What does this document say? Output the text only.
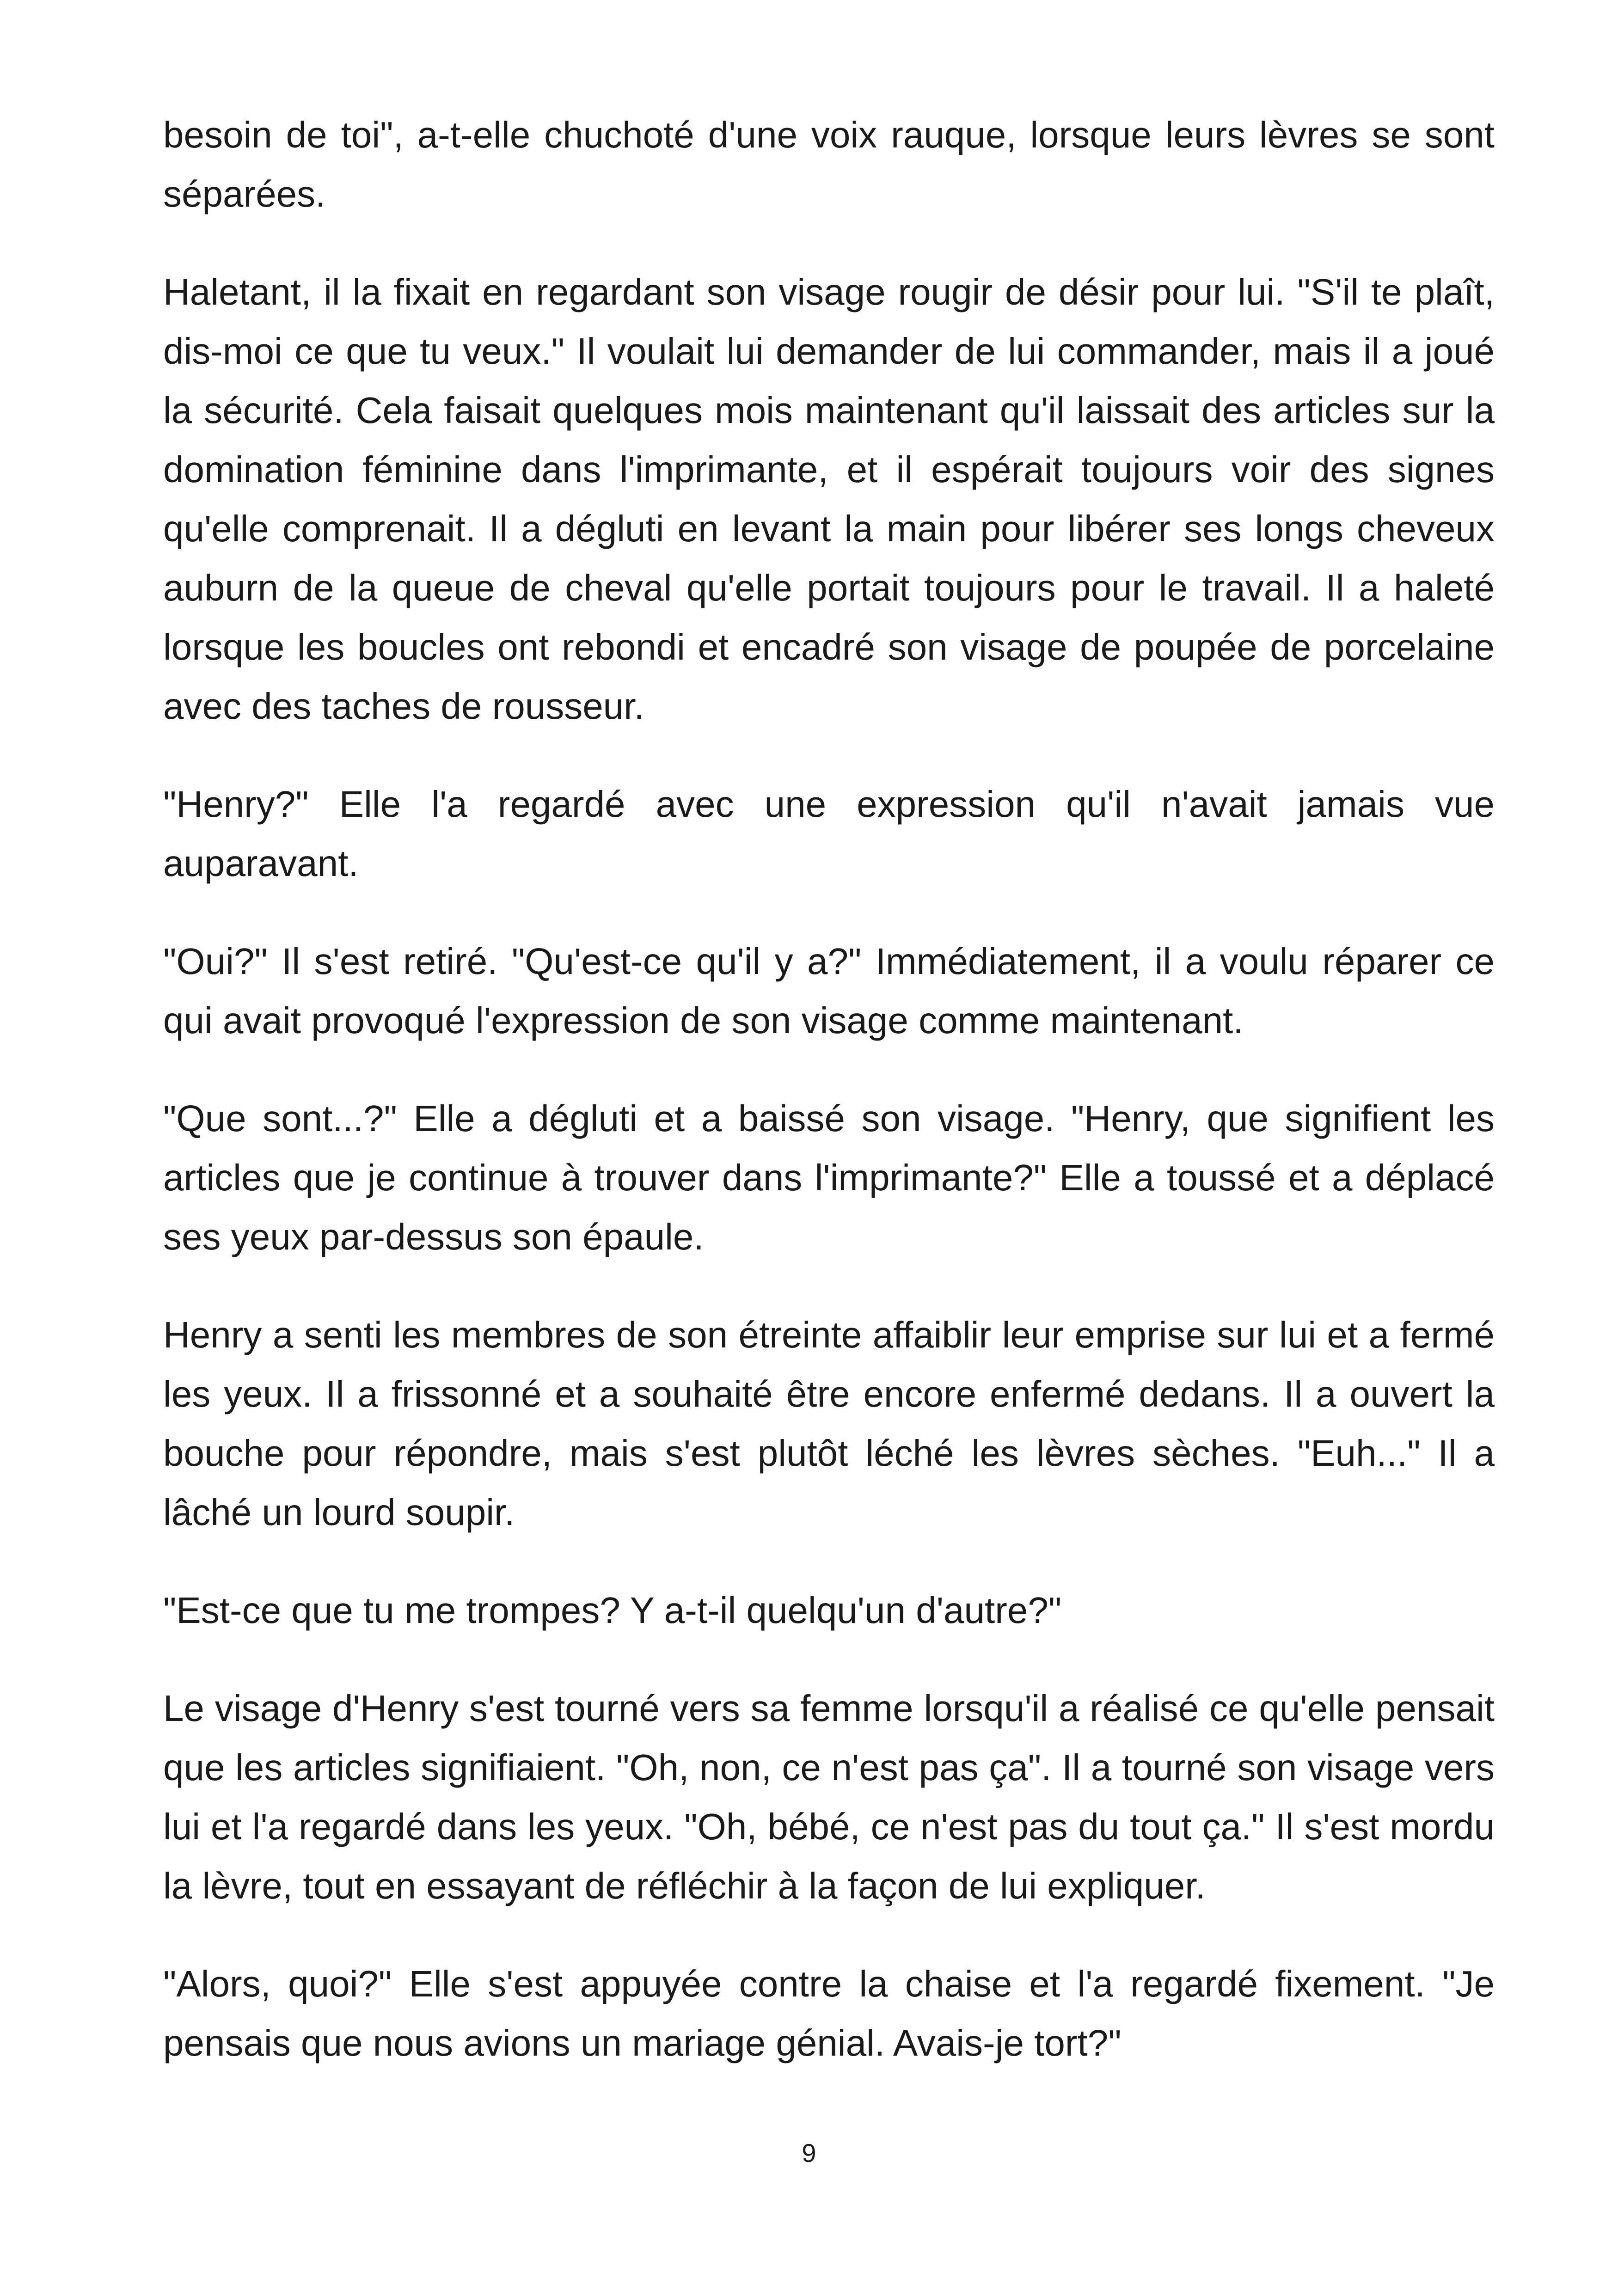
besoin de toi", a-t-elle chuchoté d'une voix rauque, lorsque leurs lèvres se sont séparées.

Haletant, il la fixait en regardant son visage rougir de désir pour lui. "S'il te plaît, dis-moi ce que tu veux." Il voulait lui demander de lui commander, mais il a joué la sécurité. Cela faisait quelques mois maintenant qu'il laissait des articles sur la domination féminine dans l'imprimante, et il espérait toujours voir des signes qu'elle comprenait. Il a dégluti en levant la main pour libérer ses longs cheveux auburn de la queue de cheval qu'elle portait toujours pour le travail. Il a haleté lorsque les boucles ont rebondi et encadré son visage de poupée de porcelaine avec des taches de rousseur.

"Henry?" Elle l'a regardé avec une expression qu'il n'avait jamais vue auparavant.

"Oui?" Il s'est retiré. "Qu'est-ce qu'il y a?" Immédiatement, il a voulu réparer ce qui avait provoqué l'expression de son visage comme maintenant.

"Que sont...?" Elle a dégluti et a baissé son visage. "Henry, que signifient les articles que je continue à trouver dans l'imprimante?" Elle a toussé et a déplacé ses yeux par-dessus son épaule.

Henry a senti les membres de son étreinte affaiblir leur emprise sur lui et a fermé les yeux. Il a frissonné et a souhaité être encore enfermé dedans. Il a ouvert la bouche pour répondre, mais s'est plutôt léché les lèvres sèches. "Euh..." Il a lâché un lourd soupir.

"Est-ce que tu me trompes? Y a-t-il quelqu'un d'autre?"

Le visage d'Henry s'est tourné vers sa femme lorsqu'il a réalisé ce qu'elle pensait que les articles signifiaient. "Oh, non, ce n'est pas ça". Il a tourné son visage vers lui et l'a regardé dans les yeux. "Oh, bébé, ce n'est pas du tout ça." Il s'est mordu la lèvre, tout en essayant de réfléchir à la façon de lui expliquer.

"Alors, quoi?" Elle s'est appuyée contre la chaise et l'a regardé fixement. "Je pensais que nous avions un mariage génial. Avais-je tort?"

9
